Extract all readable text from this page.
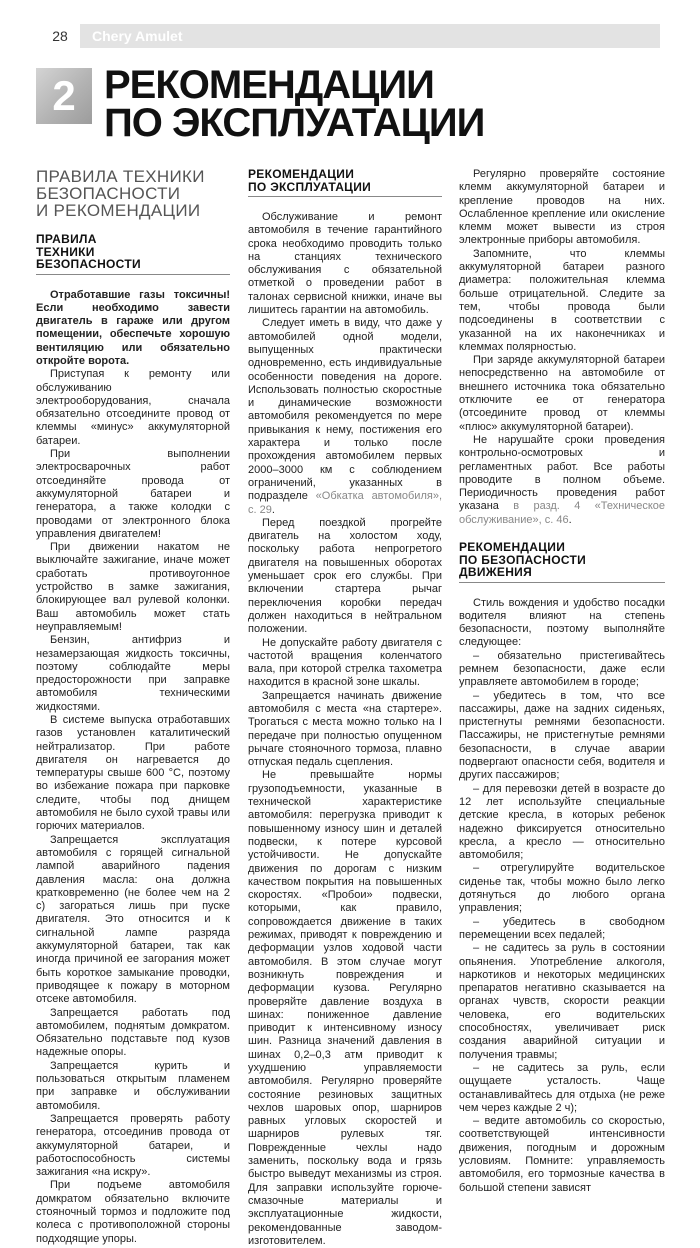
28	Chery Amulet
2 РЕКОМЕНДАЦИИ
ПО ЭКСПЛУАТАЦИИ
ПРАВИЛА ТЕХНИКИ
БЕЗОПАСНОСТИ
И РЕКОМЕНДАЦИИ
ПРАВИЛА
ТЕХНИКИ
БЕЗОПАСНОСТИ

Отработавшие газы токсичны! Если необходимо завести двигатель в гараже или другом помещении, обеспечьте хорошую вентиляцию или обязательно откройте ворота.

Приступая к ремонту или обслуживанию электрооборудования, сначала обязательно отсоедините провод от клеммы «минус» аккумуляторной батареи.

При выполнении электросварочных работ отсоединяйте провода от аккумуляторной батареи и генератора, а также колодки с проводами от электронного блока управления двигателем!

При движении накатом не выключайте зажигание, иначе может сработать противоугонное устройство в замке зажигания, блокирующее вал рулевой колонки. Ваш автомобиль может стать неуправляемым!

Бензин, антифриз и незамерзающая жидкость токсичны, поэтому соблюдайте меры предосторожности при заправке автомобиля техническими жидкостями.

В системе выпуска отработавших газов установлен каталитический нейтрализатор. При работе двигателя он нагревается до температуры свыше 600 °С, поэтому во избежание пожара при парковке следите, чтобы под днищем автомобиля не было сухой травы или горючих материалов.

Запрещается эксплуатация автомобиля с горящей сигнальной лампой аварийного падения давления масла: она должна кратковременно (не более чем на 2 с) загораться лишь при пуске двигателя. Это относится и к сигнальной лампе разряда аккумуляторной батареи, так как иногда причиной ее загорания может быть короткое замыкание проводки, приводящее к пожару в моторном отсеке автомобиля.

Запрещается работать под автомобилем, поднятым домкратом. Обязательно подставьте под кузов надежные опоры.

Запрещается курить и пользоваться открытым пламенем при заправке и обслуживании автомобиля.

Запрещается проверять работу генератора, отсоединив провода от аккумуляторной батареи, и работоспособность системы зажигания «на искру».

При подъеме автомобиля домкратом обязательно включите стояночный тормоз и подложите под колеса с противоположной стороны подходящие упоры.

РЕКОМЕНДАЦИИ
ПО ЭКСПЛУАТАЦИИ

Обслуживание и ремонт автомобиля в течение гарантийного срока необходимо проводить только на станциях технического обслуживания с обязательной отметкой о проведении работ в талонах сервисной книжки, иначе вы лишитесь гарантии на автомобиль.

Следует иметь в виду, что даже у автомобилей одной модели, выпущенных практически одновременно, есть индивидуальные особенности поведения на дороге. Использовать полностью скоростные и динамические возможности автомобиля рекомендуется по мере привыкания к нему, постижения его характера и только после прохождения автомобилем первых 2000–3000 км с соблюдением ограничений, указанных в подразделе «Обкатка автомобиля», с. 29.

Перед поездкой прогрейте двигатель на холостом ходу, поскольку работа непрогретого двигателя на повышенных оборотах уменьшает срок его службы. При включении стартера рычаг переключения коробки передач должен находиться в нейтральном положении.

Не допускайте работу двигателя с частотой вращения коленчатого вала, при которой стрелка тахометра находится в красной зоне шкалы.

Запрещается начинать движение автомобиля с места «на стартере». Трогаться с места можно только на I передаче при полностью опущенном рычаге стояночного тормоза, плавно отпуская педаль сцепления.

Не превышайте нормы грузоподъемности, указанные в технической характеристике автомобиля: перегрузка приводит к повышенному износу шин и деталей подвески, к потере курсовой устойчивости. Не допускайте движения по дорогам с низким качеством покрытия на повышенных скоростях. «Пробои» подвески, которыми, как правило, сопровождается движение в таких режимах, приводят к повреждению и деформации узлов ходовой части автомобиля. В этом случае могут возникнуть повреждения и деформации кузова. Регулярно проверяйте давление воздуха в шинах: пониженное давление приводит к интенсивному износу шин. Разница значений давления в шинах 0,2–0,3 атм приводит к ухудшению управляемости автомобиля. Регулярно проверяйте состояние резиновых защитных чехлов шаровых опор, шарниров равных угловых скоростей и шарниров рулевых тяг. Поврежденные чехлы надо заменить, поскольку вода и грязь быстро выведут механизмы из строя. Для заправки используйте горюче-смазочные материалы и эксплуатационные жидкости, рекомендованные заводом-изготовителем.

Регулярно проверяйте состояние клемм аккумуляторной батареи и крепление проводов на них. Ослабленное крепление или окисление клемм может вывести из строя электронные приборы автомобиля.

Запомните, что клеммы аккумуляторной батареи разного диаметра: положительная клемма больше отрицательной. Следите за тем, чтобы провода были подсоединены в соответствии с указанной на их наконечниках и клеммах полярностью.

При заряде аккумуляторной батареи непосредственно на автомобиле от внешнего источника тока обязательно отключите ее от генератора (отсоедините провод от клеммы «плюс» аккумуляторной батареи).

Не нарушайте сроки проведения контрольно-осмотровых и регламентных работ. Все работы проводите в полном объеме. Периодичность проведения работ указана в разд. 4 «Техническое обслуживание», с. 46.

РЕКОМЕНДАЦИИ
ПО БЕЗОПАСНОСТИ
ДВИЖЕНИЯ

Стиль вождения и удобство посадки водителя влияют на степень безопасности, поэтому выполняйте следующее:

– обязательно пристегивайтесь ремнем безопасности, даже если управляете автомобилем в городе;

– убедитесь в том, что все пассажиры, даже на задних сиденьях, пристегнуты ремнями безопасности. Пассажиры, не пристегнутые ремнями безопасности, в случае аварии подвергают опасности себя, водителя и других пассажиров;

– для перевозки детей в возрасте до 12 лет используйте специальные детские кресла, в которых ребенок надежно фиксируется относительно кресла, а кресло — относительно автомобиля;

– отрегулируйте водительское сиденье так, чтобы можно было легко дотянуться до любого органа управления;

– убедитесь в свободном перемещении всех педалей;

– не садитесь за руль в состоянии опьянения. Употребление алкоголя, наркотиков и некоторых медицинских препаратов негативно сказывается на органах чувств, скорости реакции человека, его водительских способностях, увеличивает риск создания аварийной ситуации и получения травмы;

– не садитесь за руль, если ощущаете усталость. Чаще останавливайтесь для отдыха (не реже чем через каждые 2 ч);

– ведите автомобиль со скоростью, соответствующей интенсивности движения, погодным и дорожным условиям. Помните: управляемость автомобиля, его тормозные качества в большой степени зависят
